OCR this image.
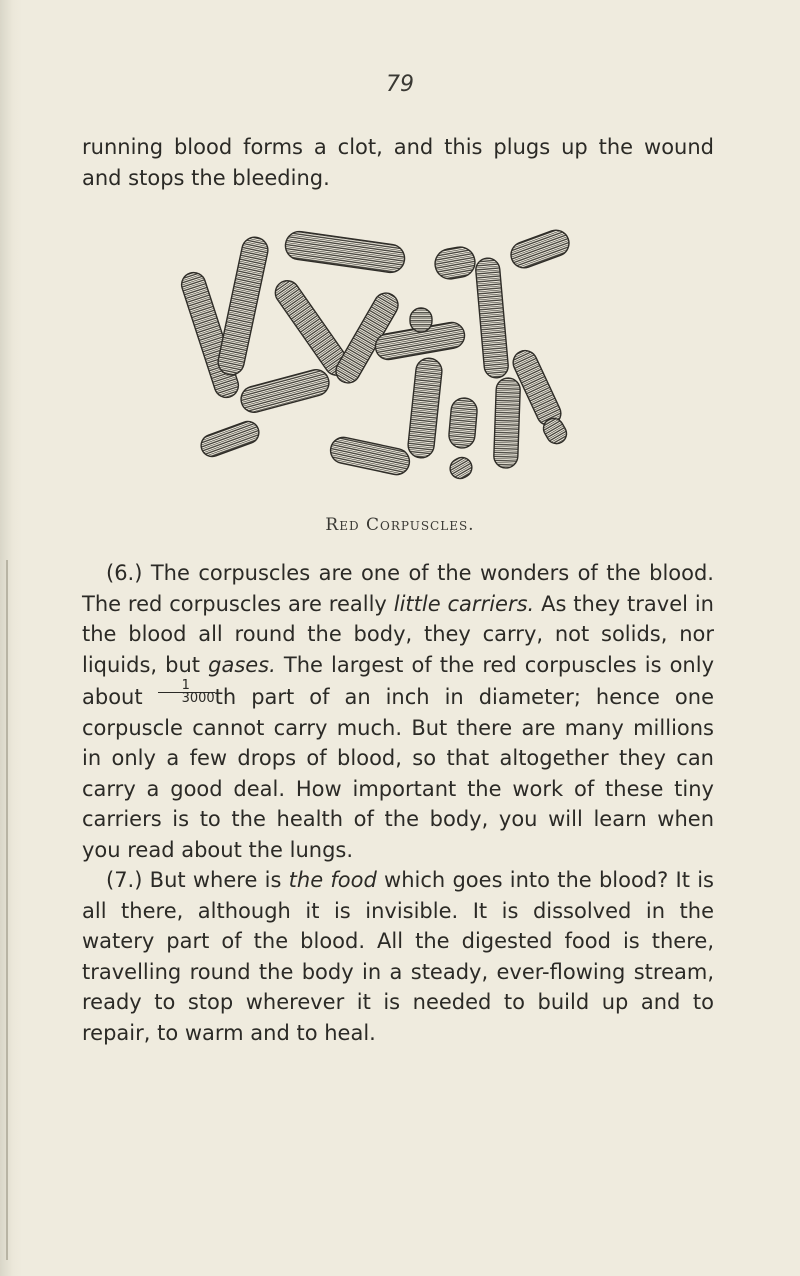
79

running blood forms a clot, and this plugs up the wound and stops the bleeding.

Red Corpuscles.

(6.) The corpuscles are one of the wonders of the blood. The red corpuscles are really little carriers. As they travel in the blood all round the body, they carry, not solids, nor liquids, but gases. The largest of the red corpuscles is only about $\frac{1}{3000}$ th part of an inch in diameter; hence one corpuscle cannot carry much. But there are many millions in only a few drops of blood, so that altogether they can carry a good deal. How important the work of these tiny carriers is to the health of the body, you will learn when you read about the lungs.

(7.) But where is the food which goes into the blood? It is all there, although it is invisible. It is dissolved in the watery part of the blood. All the digested food is there, travelling round the body in a steady, ever-flowing stream, ready to stop wherever it is needed to build up and to repair, to warm and to heal.
